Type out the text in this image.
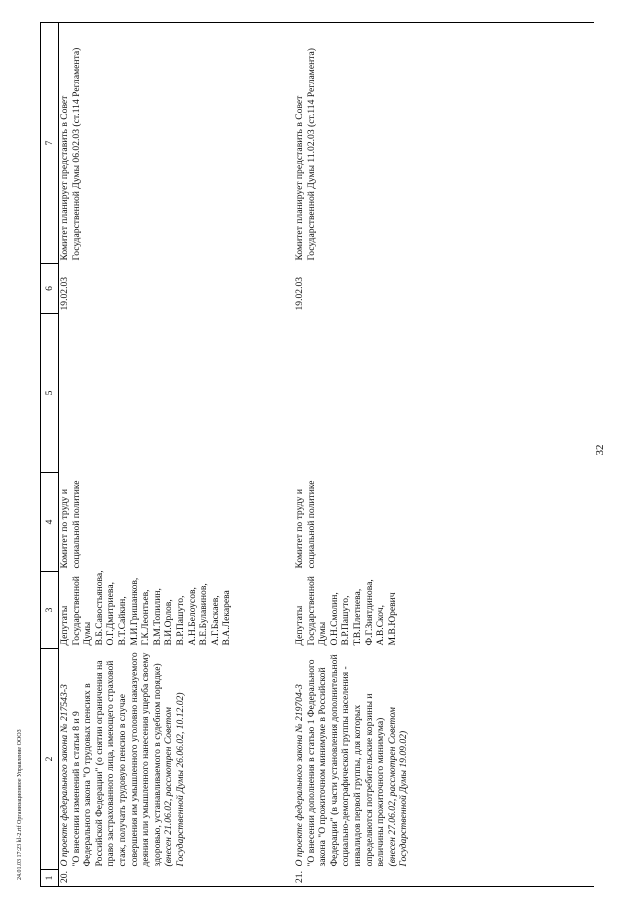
24.01.03 17:23 kl-2.rtf Организационное Управление ООО3 1	2	3	4	5	6	7
20.	О проекте федерального закона № 217543-3 "О внесении изменений в статьи 8 и 9 Федерального закона "О трудовых пенсиях в Российской Федерации" (о снятии ограничения на право застрахованного лица, имеющего страховой стаж, получать трудовую пенсию в случае совершения им умышленного уголовно наказуемого деяния или умышленного нанесения ущерба своему здоровью, устанавливаемого в судебном порядке) (внесен 21.06.02, рассмотрен Советом Государственной Думы 26.06.02, 10.12.02)	Депутаты Государственной Думы В.Б.Савостьянова, О.Г.Дмитриева, В.Т.Сайкин, М.И.Гришанков, Г.К.Леонтьев, В.М.Топилин, В.И.Орлов, В.Р.Пашуто, А.Н.Белоусов, В.Е.Булавинов, А.Г.Баскаев, В.А.Лекарева	Комитет по труду и социальной политике		19.02.03	Комитет планирует представить в Совет Государственной Думы 06.02.03 (ст.114 Регламента)
21.	О проекте федерального закона № 219704-3 "О внесении дополнения в статью 1 Федерального закона "О прожиточном минимуме в Российской Федерации" (в части установления дополнительной социально-демографической группы населения - инвалидов первой группы, для которых определяются потребительские корзины и величины прожиточного минимума) (внесен 27.06.02, рассмотрен Советом Государственной Думы 19.09.02)	Депутаты Государственной Думы О.Н.Смолин, В.Р.Пашуто, Т.В.Плетнева, Ф.Г.Зиятдинова, А.В.Скоч, М.В.Юревич	Комитет по труду и социальной политике		19.02.03	Комитет планирует представить в Совет Государственной Думы 11.02.03 (ст.114 Регламента)
32
